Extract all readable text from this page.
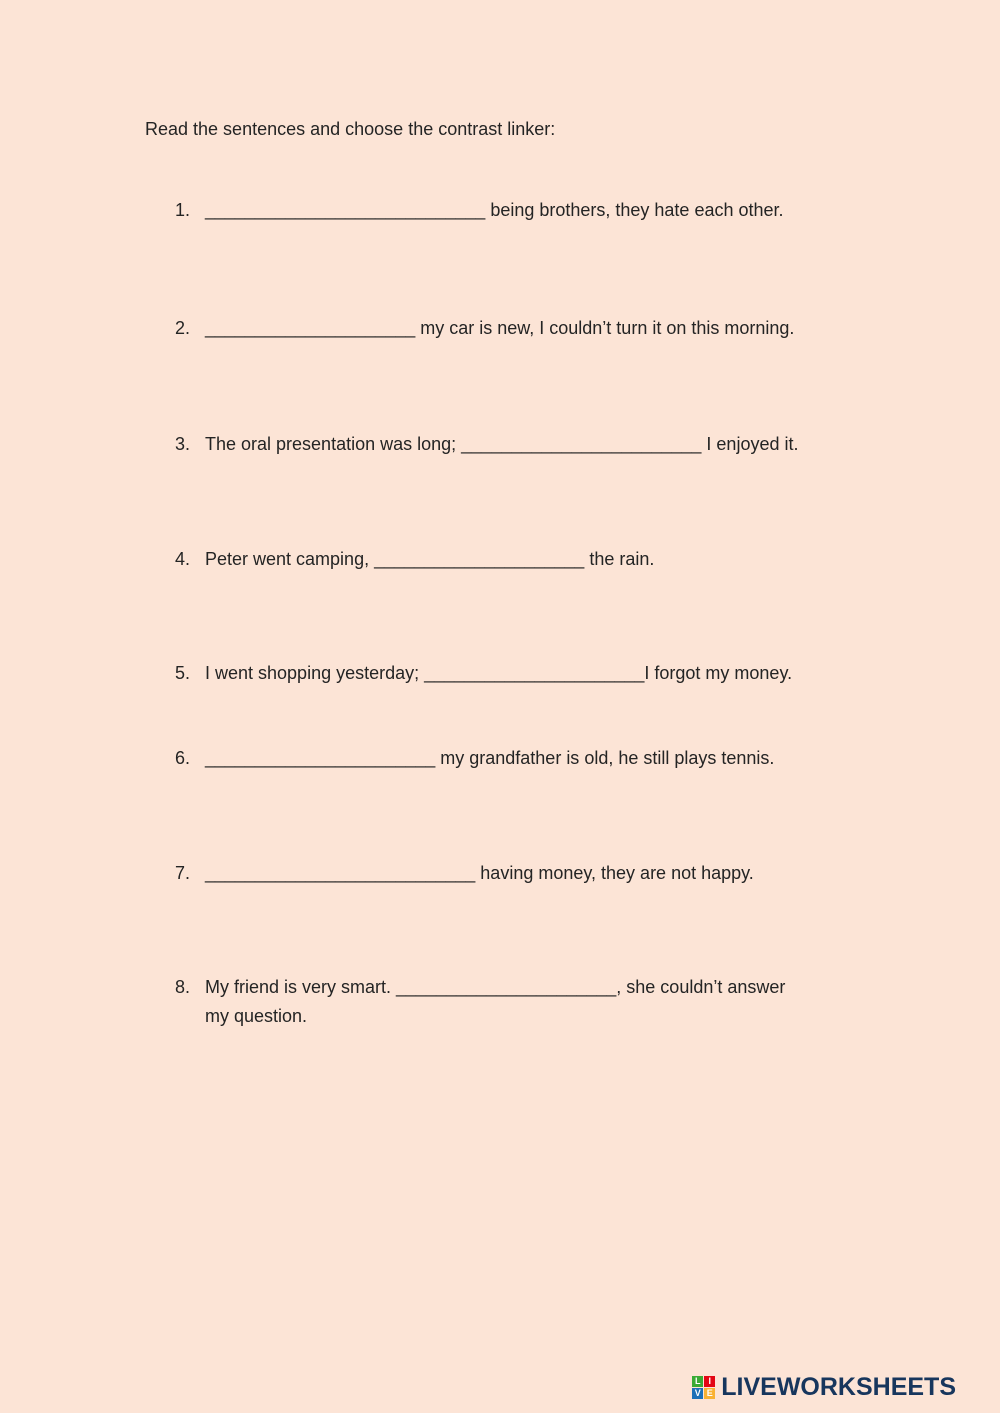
Read the sentences and choose the contrast linker:

1. ____________________________ being brothers, they hate each other.
2. _____________________ my car is new, I couldn’t turn it on this morning.
3. The oral presentation was long; ________________________ I enjoyed it.
4. Peter went camping, _____________________ the rain.
5. I went shopping yesterday; ______________________I forgot my money.
6. _______________________ my grandfather is old, he still plays tennis.
7. ___________________________ having money, they are not happy.
8. My friend is very smart. ______________________, she couldn’t answer
my question.
L I
V E LIVEWORKSHEETS
